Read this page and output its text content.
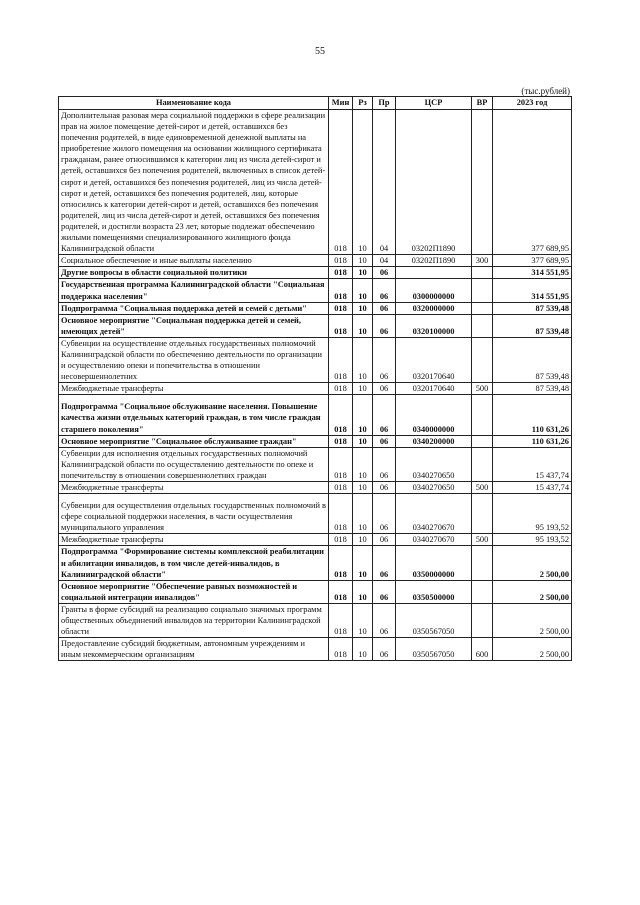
55
(тыс.рублей)
Наименование кода	Мин	Рз	Пр	ЦСР	ВР	2023 год
Дополнительная разовая мера социальной поддержки в сфере реализации прав на жилое помещение детей-сирот и детей, оставшихся без попечения родителей, в виде единовременной денежной выплаты на приобретение жилого помещения на основании жилищного сертификата гражданам, ранее относившимся к категории лиц из числа детей-сирот и детей, оставшихся без попечения родителей, включенных в список детей-сирот и детей, оставшихся без попечения родителей, лиц из числа детей-сирот и детей, оставшихся без попечения родителей, лиц, которые относились к категории детей-сирот и детей, оставшихся без попечения родителей, лиц из числа детей-сирот и детей, оставшихся без попечения родителей, и достигли возраста 23 лет, которые подлежат обеспечению жилыми помещениями специализированного жилищного фонда Калининградской области	018	10	04	03202П1890		377 689,95
Социальное обеспечение и иные выплаты населению	018	10	04	03202П1890	300	377 689,95
Другие вопросы в области социальной политики	018	10	06			314 551,95
Государственная программа Калининградской области "Социальная поддержка населения"	018	10	06	0300000000		314 551,95
Подпрограмма "Социальная поддержка детей и семей с детьми"	018	10	06	0320000000		87 539,48
Основное мероприятие "Социальная поддержка детей и семей, имеющих детей"	018	10	06	0320100000		87 539,48
Субвенции на осуществление отдельных государственных полномочий Калининградской области по обеспечению деятельности по организации и осуществлению опеки и попечительства в отношении несовершеннолетних	018	10	06	0320170640		87 539,48
Межбюджетные трансферты	018	10	06	0320170640	500	87 539,48
Подпрограмма "Социальное обслуживание населения. Повышение качества жизни отдельных категорий граждан, в том числе граждан старшего поколения"	018	10	06	0340000000		110 631,26
Основное мероприятие "Социальное обслуживание граждан"	018	10	06	0340200000		110 631,26
Субвенции для исполнения отдельных государственных полномочий Калининградской области по осуществлению деятельности по опеке и попечительству в отношении совершеннолетних граждан	018	10	06	0340270650		15 437,74
Межбюджетные трансферты	018	10	06	0340270650	500	15 437,74
Субвенции для осуществления отдельных государственных полномочий в сфере социальной поддержки населения, в части осуществления муниципального управления	018	10	06	0340270670		95 193,52
Межбюджетные трансферты	018	10	06	0340270670	500	95 193,52
Подпрограмма "Формирование системы комплексной реабилитации и абилитации инвалидов, в том числе детей-инвалидов, в Калининградской области"	018	10	06	0350000000		2 500,00
Основное мероприятие "Обеспечение равных возможностей и социальной интеграции инвалидов"	018	10	06	0350500000		2 500,00
Гранты в форме субсидий на реализацию социально значимых программ общественных объединений инвалидов на территории Калининградской области	018	10	06	0350567050		2 500,00
Предоставление субсидий бюджетным, автономным учреждениям и иным некоммерческим организациям	018	10	06	0350567050	600	2 500,00
